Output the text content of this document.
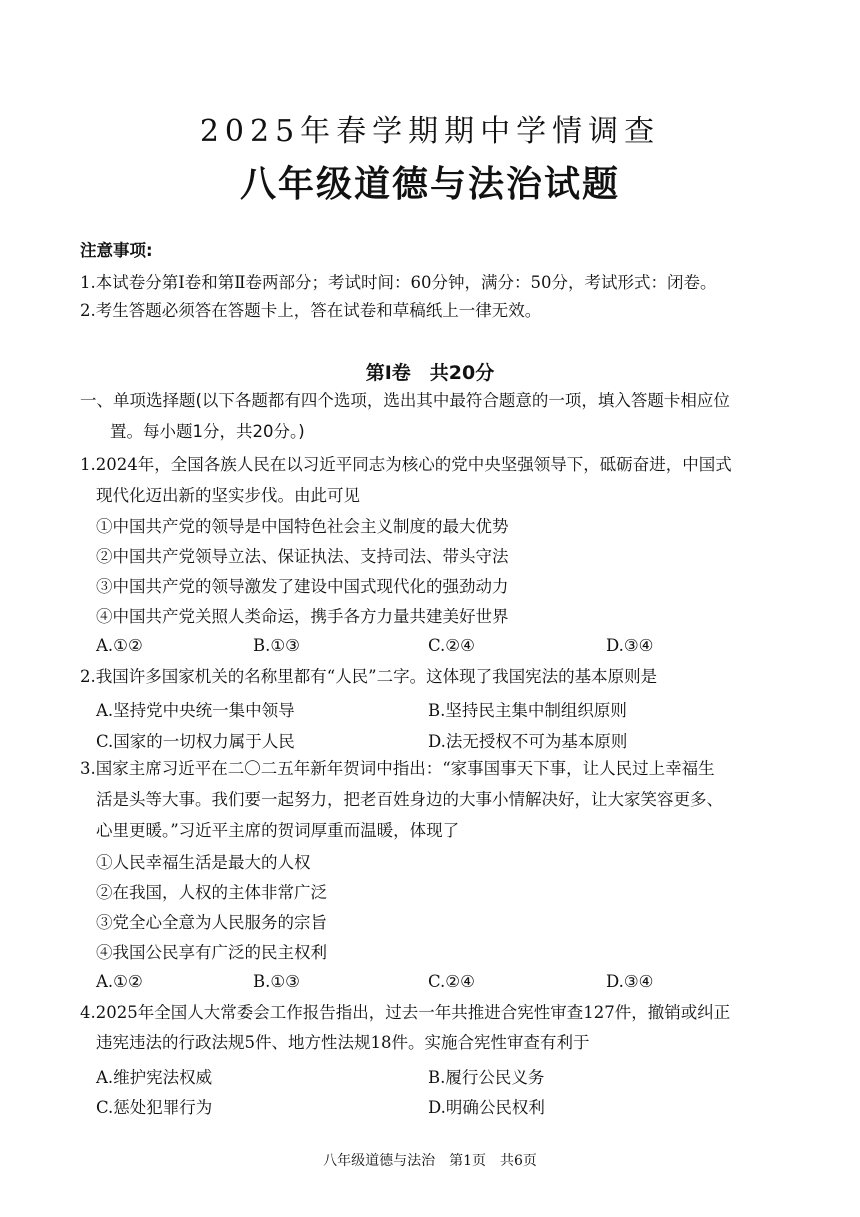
2025年春学期期中学情调查
八年级道德与法治试题
注意事项:
1.本试卷分第Ⅰ卷和第Ⅱ卷两部分；考试时间：60分钟，满分：50分，考试形式：闭卷。
2.考生答题必须答在答题卡上，答在试卷和草稿纸上一律无效。
第Ⅰ卷　共20分
一、单项选择题(以下各题都有四个选项，选出其中最符合题意的一项，填入答题卡相应位
置。每小题1分，共20分。)
1.2024年，全国各族人民在以习近平同志为核心的党中央坚强领导下，砥砺奋进，中国式
现代化迈出新的坚实步伐。由此可见
①中国共产党的领导是中国特色社会主义制度的最大优势
②中国共产党领导立法、保证执法、支持司法、带头守法
③中国共产党的领导激发了建设中国式现代化的强劲动力
④中国共产党关照人类命运，携手各方力量共建美好世界
A.①②	B.①③	C.②④	D.③④
2.我国许多国家机关的名称里都有“人民”二字。这体现了我国宪法的基本原则是
A.坚持党中央统一集中领导	B.坚持民主集中制组织原则
C.国家的一切权力属于人民	D.法无授权不可为基本原则
3.国家主席习近平在二〇二五年新年贺词中指出：“家事国事天下事，让人民过上幸福生
活是头等大事。我们要一起努力，把老百姓身边的大事小情解决好，让大家笑容更多、
心里更暖。”习近平主席的贺词厚重而温暖，体现了
①人民幸福生活是最大的人权
②在我国，人权的主体非常广泛
③党全心全意为人民服务的宗旨
④我国公民享有广泛的民主权利
A.①②	B.①③	C.②④	D.③④
4.2025年全国人大常委会工作报告指出，过去一年共推进合宪性审查127件，撤销或纠正
违宪违法的行政法规5件、地方性法规18件。实施合宪性审查有利于
A.维护宪法权威	B.履行公民义务
C.惩处犯罪行为	D.明确公民权利
八年级道德与法治　第1页　共6页
